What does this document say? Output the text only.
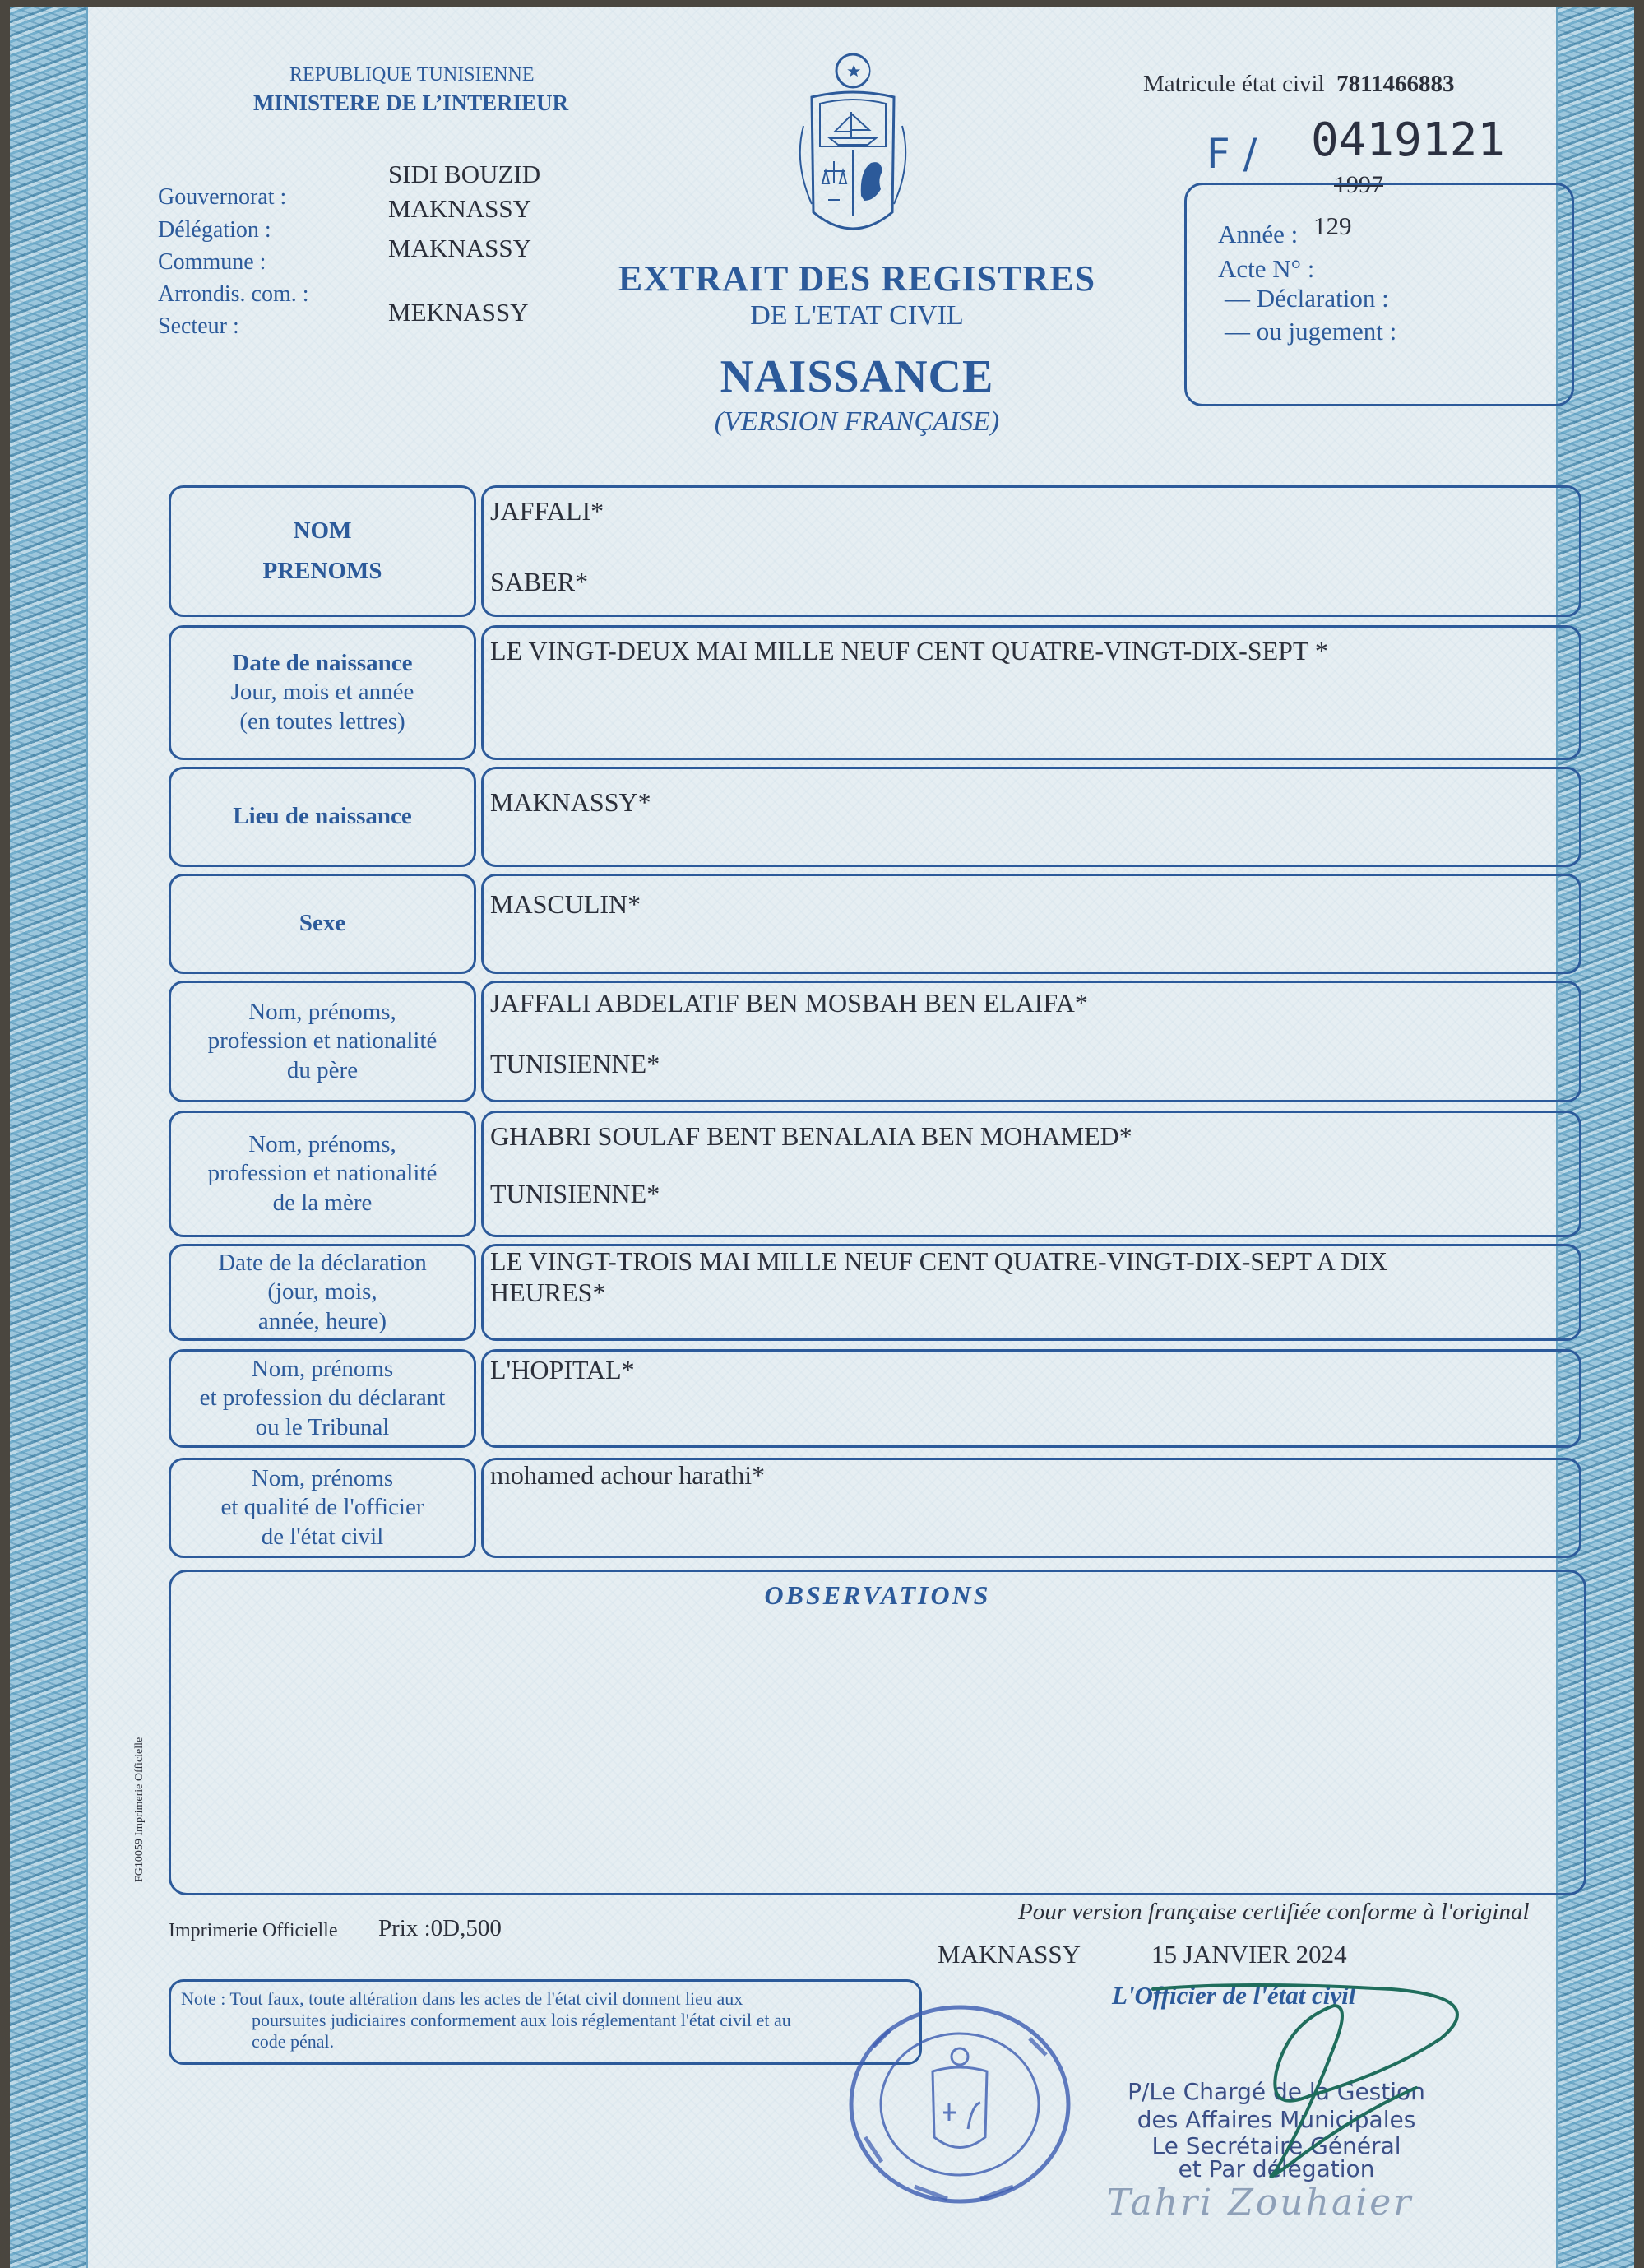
REPUBLIQUE TUNISIENNE
MINISTERE DE L’INTERIEUR
Gouvernorat :
Délégation :
Commune :
Arrondis. com. :
Secteur :
SIDI BOUZID
MAKNASSY
MAKNASSY
MEKNASSY
EXTRAIT DES REGISTRES
DE L'ETAT CIVIL
NAISSANCE
(VERSION FRANÇAISE)
Matricule état civil 7811466883
F / 0419121
1997
Année : 129
Acte N° :
— Déclaration :
— ou jugement :
NOM
PRENOMS
JAFFALI*
SABER*
Date de naissance
Jour, mois et année
(en toutes lettres)
LE VINGT-DEUX MAI MILLE NEUF CENT QUATRE-VINGT-DIX-SEPT *
Lieu de naissance	MAKNASSY*
Sexe
MASCULIN*
Nom, prénoms,
profession et nationalité
du père
JAFFALI ABDELATIF BEN MOSBAH BEN ELAIFA*
TUNISIENNE*
Nom, prénoms,
profession et nationalité
de la mère
GHABRI SOULAF BENT BENALAIA BEN MOHAMED*
TUNISIENNE*
Date de la déclaration
(jour, mois,
année, heure)
LE VINGT-TROIS MAI MILLE NEUF CENT QUATRE-VINGT-DIX-SEPT A DIX
HEURES*
Nom, prénoms
et profession du déclarant
ou le Tribunal
L'HOPITAL*
Nom, prénoms
et qualité de l'officier
de l'état civil
mohamed achour harathi*
OBSERVATIONS
FG10059 Imprimerie Officielle
Imprimerie Officielle Prix :0D,500
Pour version française certifiée conforme à l'original
MAKNASSY	15 JANVIER 2024
L'Officier de l'état civil
Note : Tout faux, toute altération dans les actes de l'état civil donnent lieu aux
poursuites judiciaires conformement aux lois réglementant l'état civil et au
code pénal.
P/Le Chargé de la Gestion
des Affaires Municipales
Le Secrétaire Général
et Par délégation
Tahri Zouhaier
